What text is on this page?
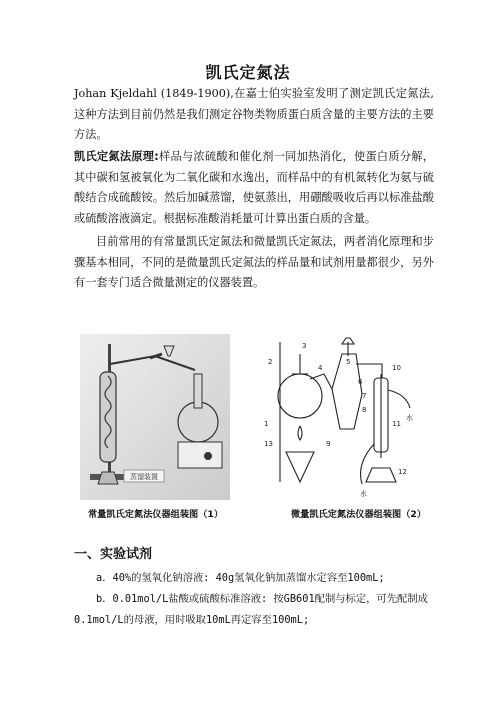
凯氏定氮法
Johan Kjeldahl (1849-1900),在嘉士伯实验室发明了测定凯氏定氮法,这种方法到目前仍然是我们测定谷物类物质蛋白质含量的主要方法的主要方法。
凯氏定氮法原理:样品与浓硫酸和催化剂一同加热消化，使蛋白质分解，其中碳和氢被氧化为二氧化碳和水逸出，而样品中的有机氮转化为氨与硫酸结合成硫酸铵。然后加碱蒸馏，使氨蒸出，用硼酸吸收后再以标准盐酸或硫酸溶液滴定。根据标准酸消耗量可计算出蛋白质的含量。
目前常用的有常量凯氏定氮法和微量凯氏定氮法，两者消化原理和步骤基本相同，不同的是微量凯氏定氮法的样品量和试剂用量都很少，另外有一套专门适合微量测定的仪器装置。
蒸馏装置
1
2
3
4
5
6
7
8
9
10
11
12
13
水
水
常量凯氏定氮法仪器组装图（1）	微量凯氏定氮法仪器组装图（2）
一、实验试剂
a．40%的氢氧化钠溶液: 40g氢氧化钠加蒸馏水定容至100mL;
b．0.01mol/L盐酸或硫酸标准溶液: 按GB601配制与标定，可先配制成0.1mol/L的母液，用时吸取10mL再定容至100mL;
